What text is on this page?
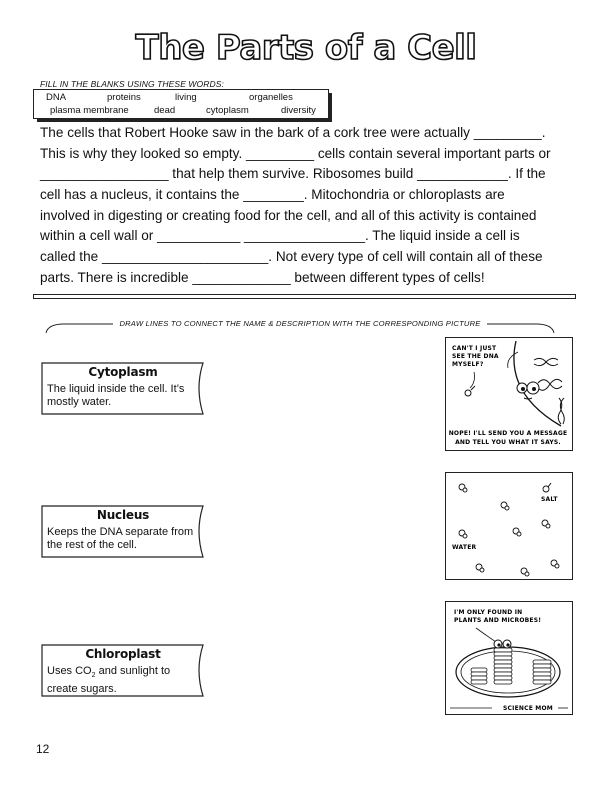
The Parts of a Cell
FILL IN THE BLANKS USING THESE WORDS:
DNA	proteins	living	organelles
plasma membrane	dead	cytoplasm	diversity
The cells that Robert Hooke saw in the bark of a cork tree were actually _________.
This is why they looked so empty. _________ cells contain several important parts or
_________________ that help them survive. Ribosomes build ____________. If the
cell has a nucleus, it contains the ________. Mitochondria or chloroplasts are
involved in digesting or creating food for the cell, and all of this activity is contained
within a cell wall or ___________ ________________. The liquid inside a cell is
called the ______________________. Not every type of cell will contain all of these
parts. There is incredible _____________ between different types of cells!
DRAW LINES TO CONNECT THE NAME & DESCRIPTION WITH THE CORRESPONDING PICTURE
Cytoplasm
The liquid inside the cell. It’s mostly water.
Nucleus
Keeps the DNA separate from the rest of the cell.
Chloroplast
Uses $CO_2$ and sunlight to create sugars.
CAN'T I JUST
SEE THE DNA
MYSELF?
NOPE! I'LL SEND YOU A MESSAGE
AND TELL YOU WHAT IT SAYS.
SALT
WATER
I'M ONLY FOUND IN
PLANTS AND MICROBES!
SCIENCE MOM
12
